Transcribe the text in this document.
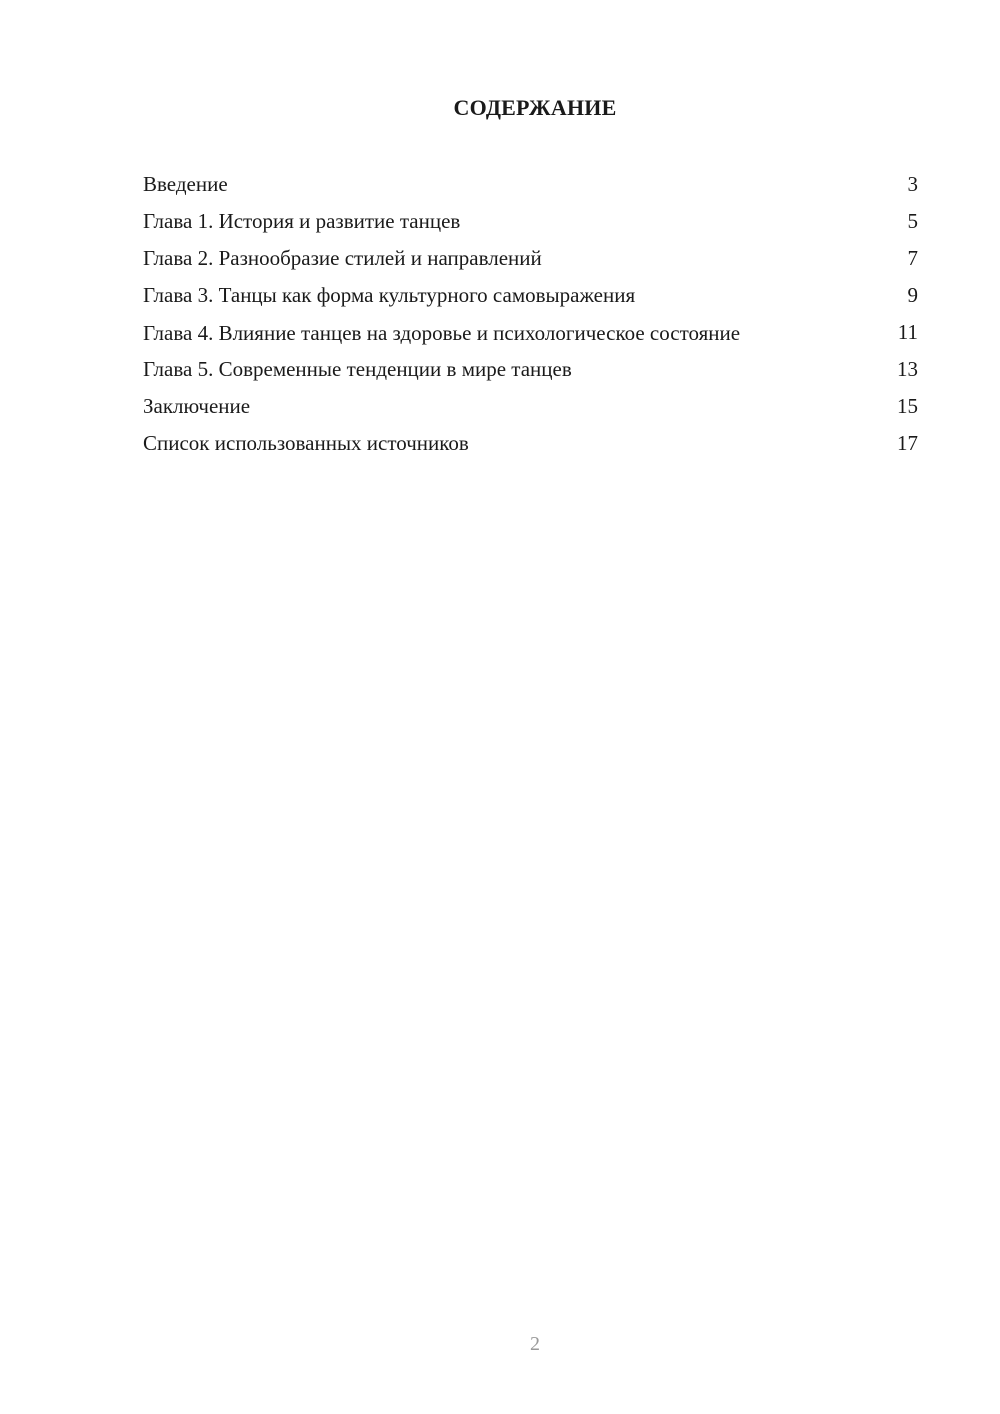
СОДЕРЖАНИЕ
Введение	3
Глава 1. История и развитие танцев	5
Глава 2. Разнообразие стилей и направлений	7
Глава 3. Танцы как форма культурного самовыражения	9
Глава 4. Влияние танцев на здоровье и психологическое состояние	11
Глава 5. Современные тенденции в мире танцев	13
Заключение	15
Список использованных источников	17
2
